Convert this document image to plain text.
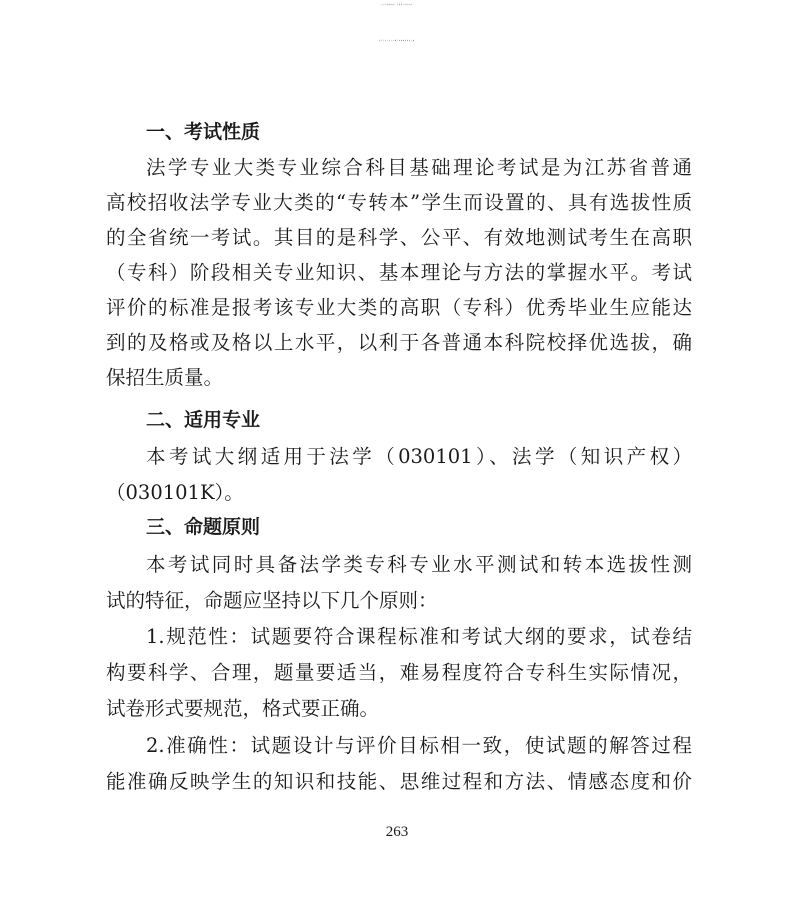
江苏省普通高校“专转本”选拔考试
法学专业大类专业综合基础理论考试大纲
一、考试性质
法学专业大类专业综合科目基础理论考试是为江苏省普通
高校招收法学专业大类的“专转本”学生而设置的、具有选拔性质
的全省统一考试。其目的是科学、公平、有效地测试考生在高职
（专科）阶段相关专业知识、基本理论与方法的掌握水平。考试
评价的标准是报考该专业大类的高职（专科）优秀毕业生应能达
到的及格或及格以上水平，以利于各普通本科院校择优选拔，确
保招生质量。
二、适用专业
本考试大纲适用于法学（030101）、法学（知识产权）
（030101K）。
三、命题原则
本考试同时具备法学类专科专业水平测试和转本选拔性测
试的特征，命题应坚持以下几个原则：
1.规范性：试题要符合课程标准和考试大纲的要求，试卷结
构要科学、合理，题量要适当，难易程度符合专科生实际情况，
试卷形式要规范，格式要正确。
2.准确性：试题设计与评价目标相一致，使试题的解答过程
能准确反映学生的知识和技能、思维过程和方法、情感态度和价
263
